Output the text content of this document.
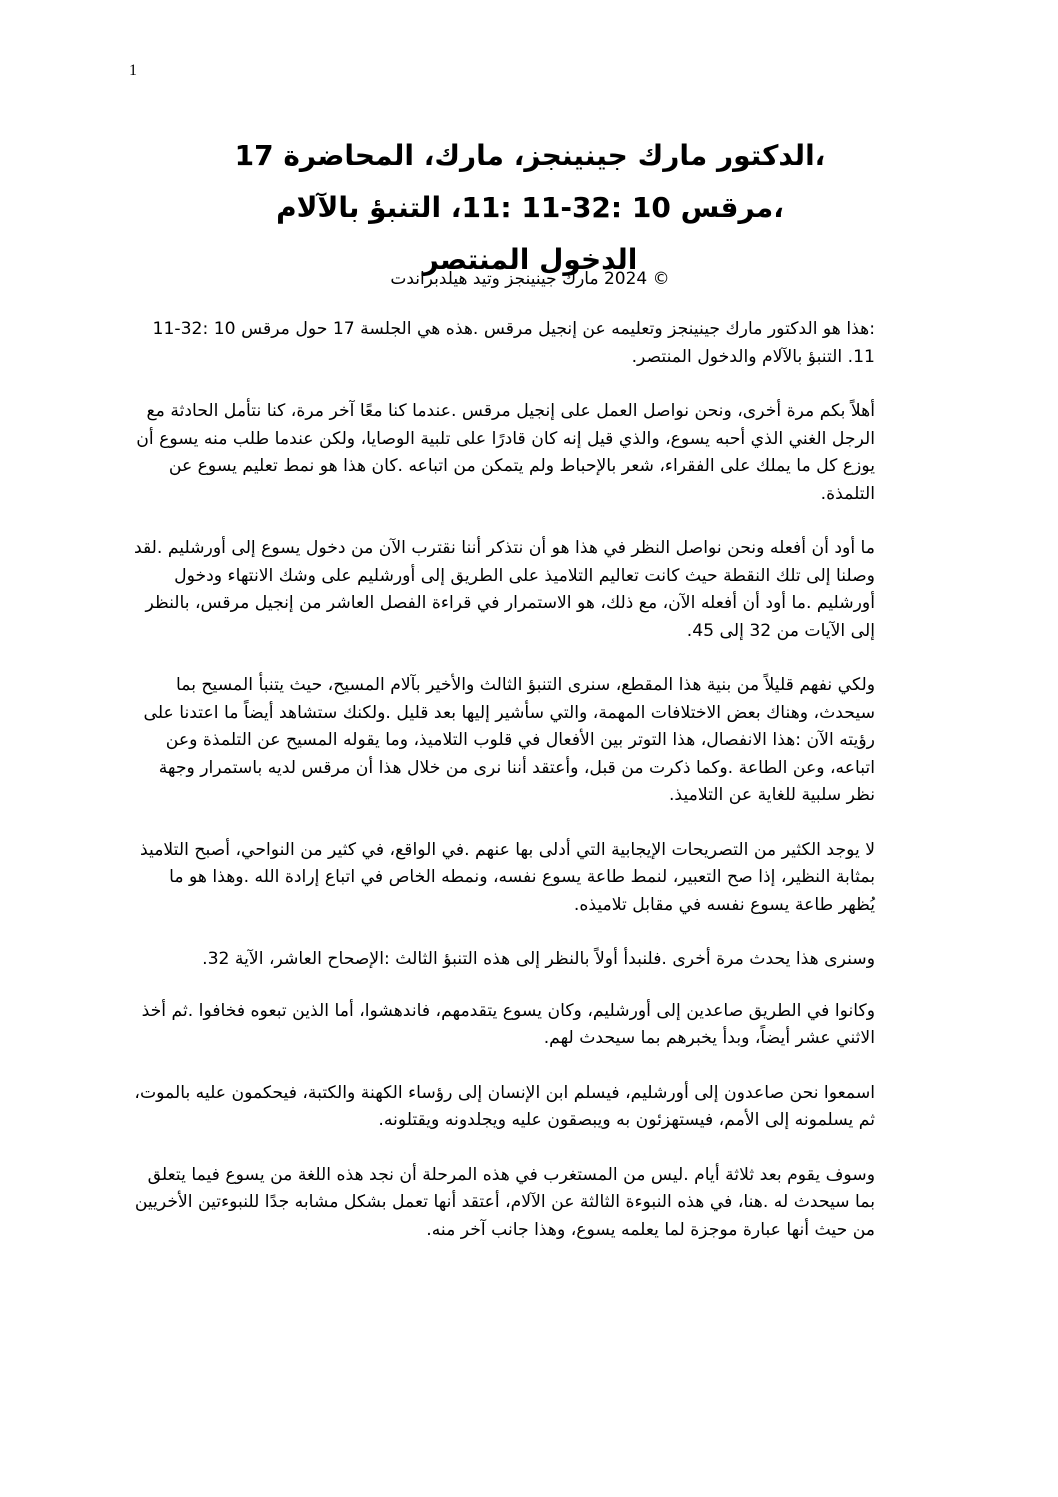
1
،الدكتور مارك جينينجز، مارك، المحاضرة 17
،مرقس 10 :32-11 :11، التنبؤ بالآلام
الدخول المنتصر
© 2024 مارك جينينجز وتيد هيلدبراندت

:هذا هو الدكتور مارك جينينجز وتعليمه عن إنجيل مرقس .هذه هي الجلسة 17 حول مرقس 10 :32-11 11. التنبؤ بالآلام والدخول المنتصر.

أهلاً بكم مرة أخرى، ونحن نواصل العمل على إنجيل مرقس .عندما كنا معًا آخر مرة، كنا نتأمل الحادثة مع الرجل الغني الذي أحبه يسوع، والذي قيل إنه كان قادرًا على تلبية الوصايا، ولكن عندما طلب منه يسوع أن يوزع كل ما يملك على الفقراء، شعر بالإحباط ولم يتمكن من اتباعه .كان هذا هو نمط تعليم يسوع عن التلمذة.

ما أود أن أفعله ونحن نواصل النظر في هذا هو أن نتذكر أننا نقترب الآن من دخول يسوع إلى أورشليم .لقد وصلنا إلى تلك النقطة حيث كانت تعاليم التلاميذ على الطريق إلى أورشليم على وشك الانتهاء ودخول أورشليم .ما أود أن أفعله الآن، مع ذلك، هو الاستمرار في قراءة الفصل العاشر من إنجيل مرقس، بالنظر إلى الآيات من 32 إلى 45.

ولكي نفهم قليلاً من بنية هذا المقطع، سنرى التنبؤ الثالث والأخير بآلام المسيح، حيث يتنبأ المسيح بما سيحدث، وهناك بعض الاختلافات المهمة، والتي سأشير إليها بعد قليل .ولكنك ستشاهد أيضاً ما اعتدنا على رؤيته الآن :هذا الانفصال، هذا التوتر بين الأفعال في قلوب التلاميذ، وما يقوله المسيح عن التلمذة وعن اتباعه، وعن الطاعة .وكما ذكرت من قبل، وأعتقد أننا نرى من خلال هذا أن مرقس لديه باستمرار وجهة نظر سلبية للغاية عن التلاميذ.

لا يوجد الكثير من التصريحات الإيجابية التي أدلى بها عنهم .في الواقع، في كثير من النواحي، أصبح التلاميذ بمثابة النظير، إذا صح التعبير، لنمط طاعة يسوع نفسه، ونمطه الخاص في اتباع إرادة الله .وهذا هو ما يُظهر طاعة يسوع نفسه في مقابل تلاميذه.

وسنرى هذا يحدث مرة أخرى .فلنبدأ أولاً بالنظر إلى هذه التنبؤ الثالث :الإصحاح العاشر، الآية 32.

وكانوا في الطريق صاعدين إلى أورشليم، وكان يسوع يتقدمهم، فاندهشوا، أما الذين تبعوه فخافوا .ثم أخذ الاثني عشر أيضاً، وبدأ يخبرهم بما سيحدث لهم.

اسمعوا نحن صاعدون إلى أورشليم، فيسلم ابن الإنسان إلى رؤساء الكهنة والكتبة، فيحكمون عليه بالموت، ثم يسلمونه إلى الأمم، فيستهزئون به ويبصقون عليه ويجلدونه ويقتلونه.

وسوف يقوم بعد ثلاثة أيام .ليس من المستغرب في هذه المرحلة أن نجد هذه اللغة من يسوع فيما يتعلق بما سيحدث له .هنا، في هذه النبوءة الثالثة عن الآلام، أعتقد أنها تعمل بشكل مشابه جدًا للنبوءتين الأخريين من حيث أنها عبارة موجزة لما يعلمه يسوع، وهذا جانب آخر منه.
